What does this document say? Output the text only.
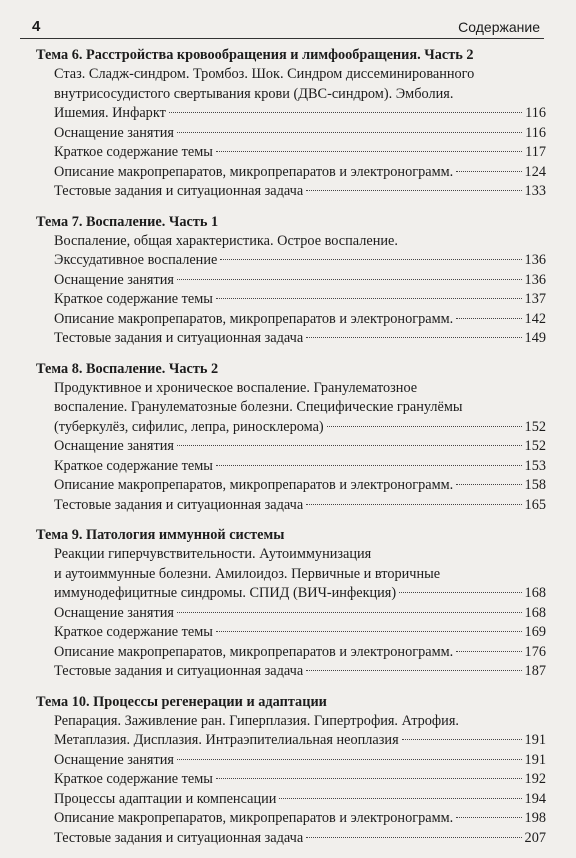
4	Содержание
Тема 6. Расстройства кровообращения и лимфообращения. Часть 2
Стаз. Сладж-синдром. Тромбоз. Шок. Синдром диссеминированного
внутрисосудистого свертывания крови (ДВС-синдром). Эмболия.
Ишемия. Инфаркт	116
Оснащение занятия	116
Краткое содержание темы	117
Описание макропрепаратов, микропрепаратов и электронограмм.	124
Тестовые задания и ситуационная задача	133
Тема 7. Воспаление. Часть 1
Воспаление, общая характеристика. Острое воспаление.
Экссудативное воспаление	136
Оснащение занятия	136
Краткое содержание темы	137
Описание макропрепаратов, микропрепаратов и электронограмм.	142
Тестовые задания и ситуационная задача	149
Тема 8. Воспаление. Часть 2
Продуктивное и хроническое воспаление. Гранулематозное
воспаление. Гранулематозные болезни. Специфические гранулёмы
(туберкулёз, сифилис, лепра, риносклерома)	152
Оснащение занятия	152
Краткое содержание темы	153
Описание макропрепаратов, микропрепаратов и электронограмм.	158
Тестовые задания и ситуационная задача	165
Тема 9. Патология иммунной системы
Реакции гиперчувствительности. Аутоиммунизация
и аутоиммунные болезни. Амилоидоз. Первичные и вторичные
иммунодефицитные синдромы. СПИД (ВИЧ-инфекция)	168
Оснащение занятия	168
Краткое содержание темы	169
Описание макропрепаратов, микропрепаратов и электронограмм.	176
Тестовые задания и ситуационная задача	187
Тема 10. Процессы регенерации и адаптации
Репарация. Заживление ран. Гиперплазия. Гипертрофия. Атрофия.
Метаплазия. Дисплазия. Интраэпителиальная неоплазия	191
Оснащение занятия	191
Краткое содержание темы	192
Процессы адаптации и компенсации	194
Описание макропрепаратов, микропрепаратов и электронограмм.	198
Тестовые задания и ситуационная задача	207
